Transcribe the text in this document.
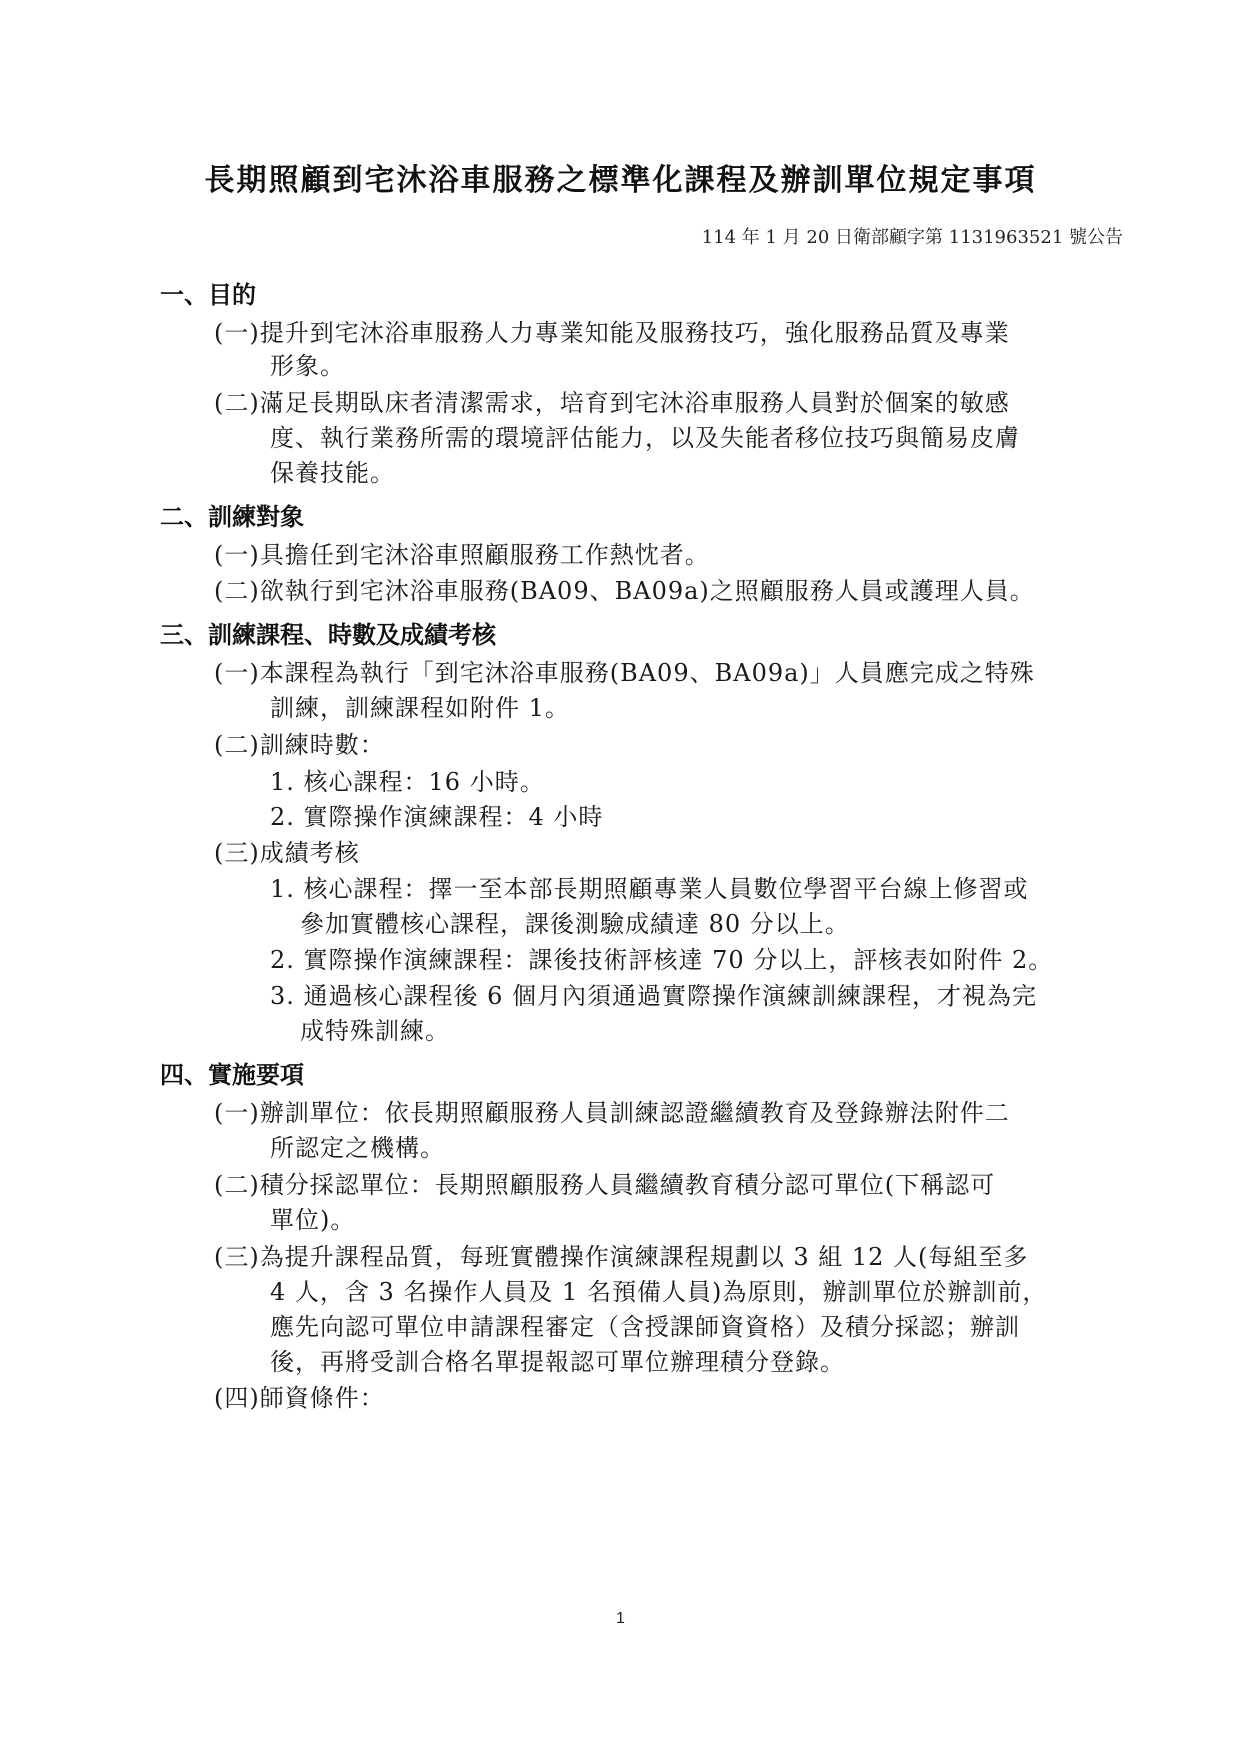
長期照顧到宅沐浴車服務之標準化課程及辦訓單位規定事項
114 年 1 月 20 日衛部顧字第 1131963521 號公告
一、目的
(一)提升到宅沐浴車服務人力專業知能及服務技巧，強化服務品質及專業
形象。
(二)滿足長期臥床者清潔需求，培育到宅沐浴車服務人員對於個案的敏感
度、執行業務所需的環境評估能力，以及失能者移位技巧與簡易皮膚
保養技能。
二、訓練對象
(一)具擔任到宅沐浴車照顧服務工作熱忱者。
(二)欲執行到宅沐浴車服務(BA09、BA09a)之照顧服務人員或護理人員。
三、訓練課程、時數及成績考核
(一)本課程為執行「到宅沐浴車服務(BA09、BA09a)」人員應完成之特殊
訓練，訓練課程如附件 1。
(二)訓練時數：
1. 核心課程：16 小時。
2. 實際操作演練課程：4 小時
(三)成績考核
1. 核心課程：擇一至本部長期照顧專業人員數位學習平台線上修習或
參加實體核心課程，課後測驗成績達 80 分以上。
2. 實際操作演練課程：課後技術評核達 70 分以上，評核表如附件 2。
3. 通過核心課程後 6 個月內須通過實際操作演練訓練課程，才視為完
成特殊訓練。
四、實施要項
(一)辦訓單位：依長期照顧服務人員訓練認證繼續教育及登錄辦法附件二
所認定之機構。
(二)積分採認單位：長期照顧服務人員繼續教育積分認可單位(下稱認可
單位)。
(三)為提升課程品質，每班實體操作演練課程規劃以 3 組 12 人(每組至多
4 人，含 3 名操作人員及 1 名預備人員)為原則，辦訓單位於辦訓前，
應先向認可單位申請課程審定（含授課師資資格）及積分採認；辦訓
後，再將受訓合格名單提報認可單位辦理積分登錄。
(四)師資條件：
1
